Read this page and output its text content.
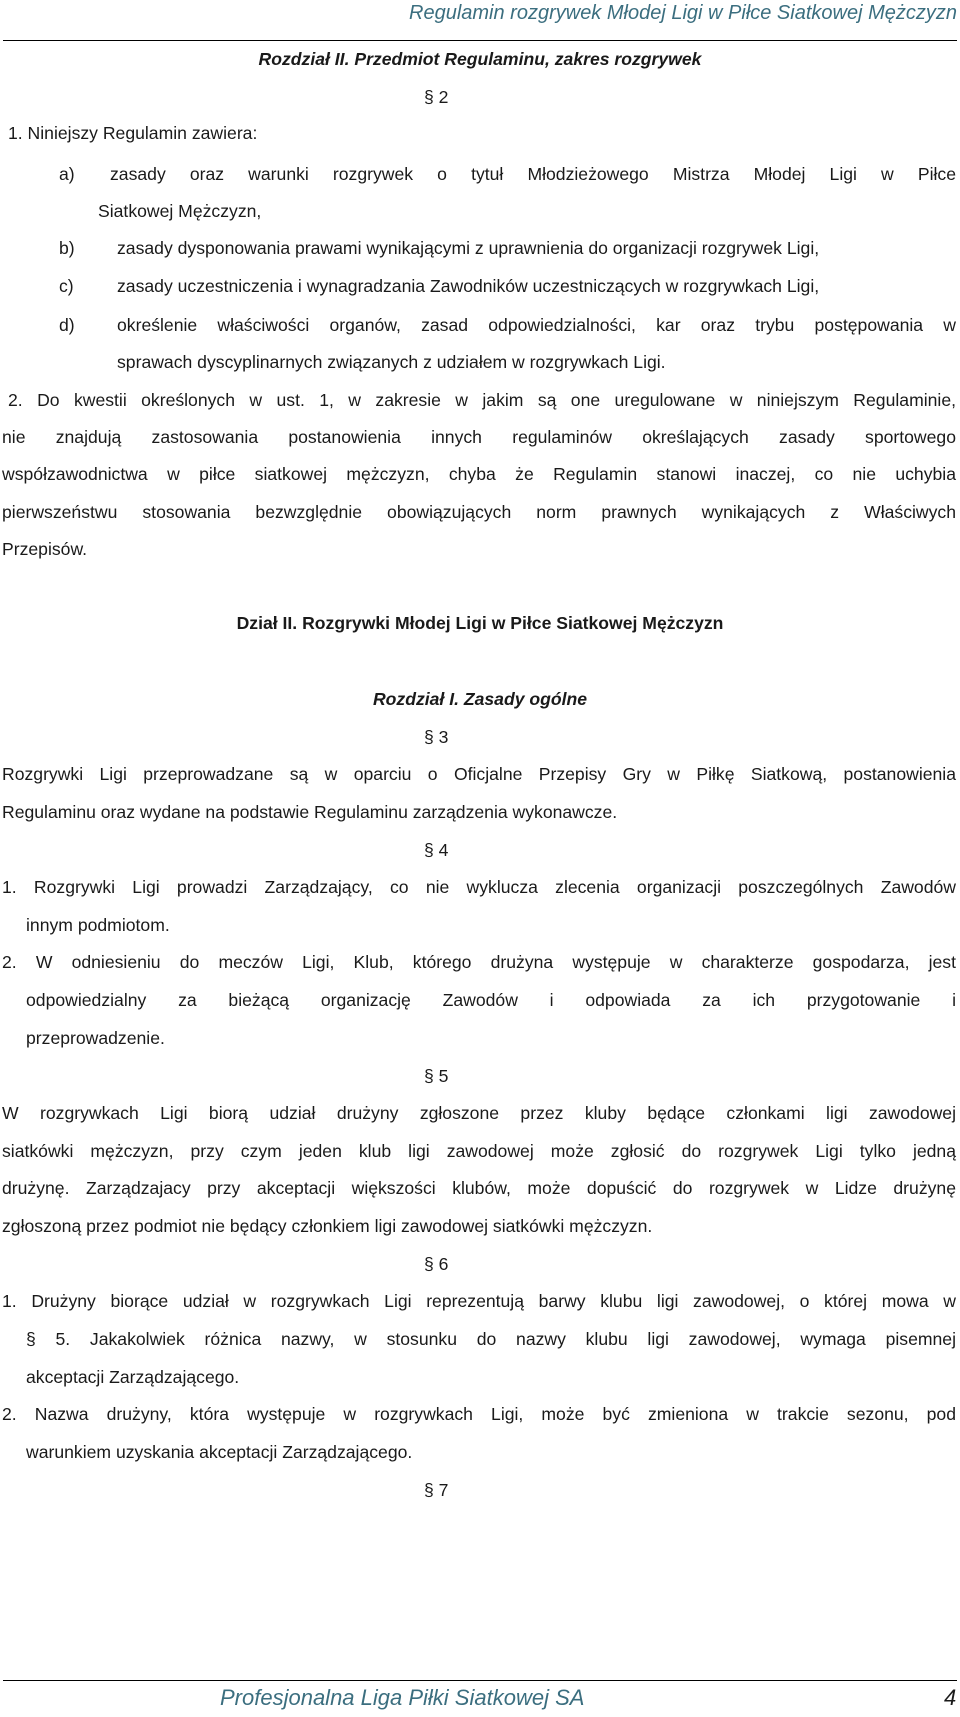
Regulamin rozgrywek Młodej Ligi w Piłce Siatkowej Mężczyzn
Rozdział II. Przedmiot Regulaminu, zakres rozgrywek
§ 2
1. Niniejszy Regulamin zawiera:
a) zasady oraz warunki rozgrywek o tytuł Młodzieżowego Mistrza Młodej Ligi w Piłce
Siatkowej Mężczyzn,
b) zasady dysponowania prawami wynikającymi z uprawnienia do organizacji rozgrywek Ligi,
c) zasady uczestniczenia i wynagradzania Zawodników uczestniczących w rozgrywkach Ligi,
d) określenie właściwości organów, zasad odpowiedzialności, kar oraz trybu postępowania w
sprawach dyscyplinarnych związanych z udziałem w rozgrywkach Ligi.
2. Do kwestii określonych w ust. 1, w zakresie w jakim są one uregulowane w niniejszym Regulaminie,
nie znajdują zastosowania postanowienia innych regulaminów określających zasady sportowego
współzawodnictwa w piłce siatkowej mężczyzn, chyba że Regulamin stanowi inaczej, co nie uchybia
pierwszeństwu stosowania bezwzględnie obowiązujących norm prawnych wynikających z Właściwych
Przepisów.
Dział II. Rozgrywki Młodej Ligi w Piłce Siatkowej Mężczyzn
Rozdział I. Zasady ogólne
§ 3
Rozgrywki Ligi przeprowadzane są w oparciu o Oficjalne Przepisy Gry w Piłkę Siatkową, postanowienia
Regulaminu oraz wydane na podstawie Regulaminu zarządzenia wykonawcze.
§ 4
1. Rozgrywki Ligi prowadzi Zarządzający, co nie wyklucza zlecenia organizacji poszczególnych Zawodów
innym podmiotom.
2. W odniesieniu do meczów Ligi, Klub, którego drużyna występuje w charakterze gospodarza, jest
odpowiedzialny za bieżącą organizację Zawodów i odpowiada za ich przygotowanie i
przeprowadzenie.
§ 5
W rozgrywkach Ligi biorą udział drużyny zgłoszone przez kluby będące członkami ligi zawodowej
siatkówki mężczyzn, przy czym jeden klub ligi zawodowej może zgłosić do rozgrywek Ligi tylko jedną
drużynę. Zarządzajacy przy akceptacji większości klubów, może dopuścić do rozgrywek w Lidze drużynę
zgłoszoną przez podmiot nie będący członkiem ligi zawodowej siatkówki mężczyzn.
§ 6
1. Drużyny biorące udział w rozgrywkach Ligi reprezentują barwy klubu ligi zawodowej, o której mowa w
§ 5. Jakakolwiek różnica nazwy, w stosunku do nazwy klubu ligi zawodowej, wymaga pisemnej
akceptacji Zarządzającego.
2. Nazwa drużyny, która występuje w rozgrywkach Ligi, może być zmieniona w trakcie sezonu, pod
warunkiem uzyskania akceptacji Zarządzającego.
§ 7
Profesjonalna Liga Piłki Siatkowej SA	4
